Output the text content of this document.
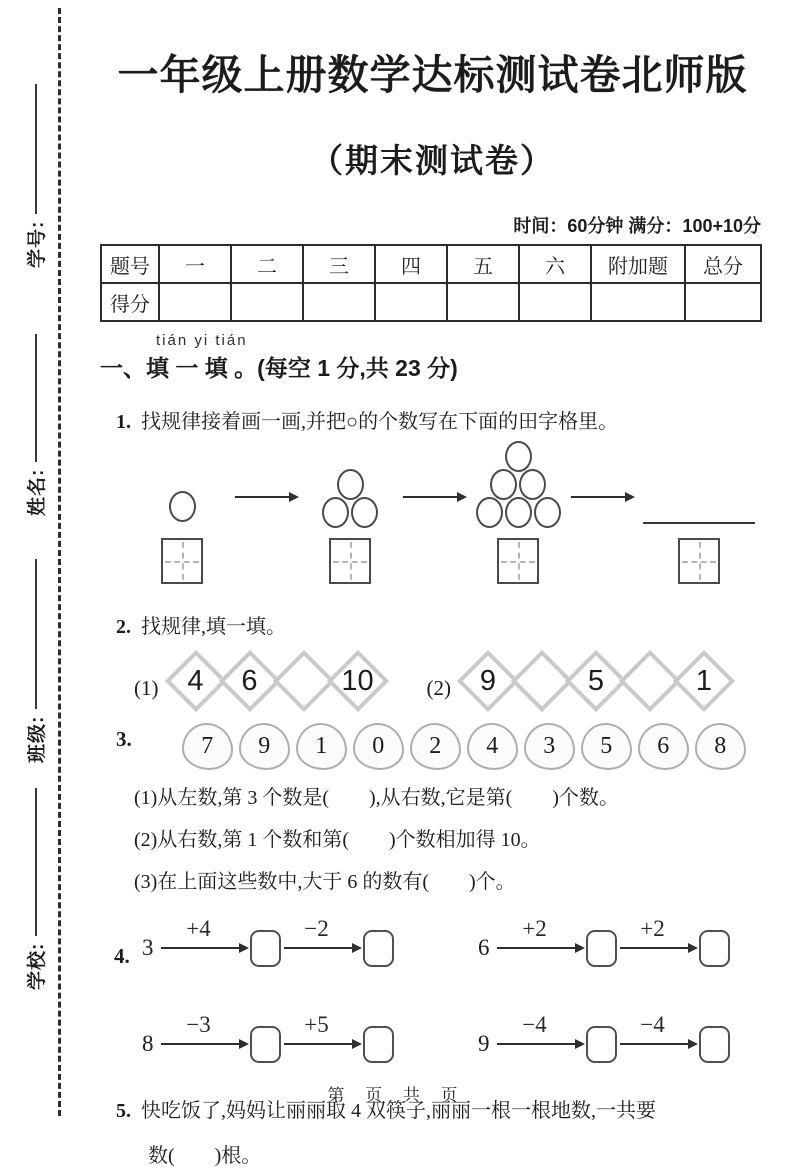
学号:
姓名:
班级:
学校:
一年级上册数学达标测试卷北师版
（期末测试卷）
时间：60分钟 满分：100+10分
题号	一	二	三	四	五	六	附加题	总分
得分								
tián yi tián
一、填 一 填 。(每空 1 分,共 23 分)
1. 找规律接着画一画,并把○的个数写在下面的田字格里。
2. 找规律,填一填。
(1) 4	6	10	(2) 9	5	1
3.	7	9	1	0	2	4	3	5	6	8
(1)从左数,第 3 个数是(        ),从右数,它是第(        )个数。
(2)从右数,第 1 个数和第(        )个数相加得 10。
(3)在上面这些数中,大于 6 的数有(        )个。
4. 3
+4	−2
6
+2	+2
8
−3	+5
9
−4	−4
5. 快吃饭了,妈妈让丽丽取 4 双筷子,丽丽一根一根地数,一共要
数(        )根。
第 页 共 页
